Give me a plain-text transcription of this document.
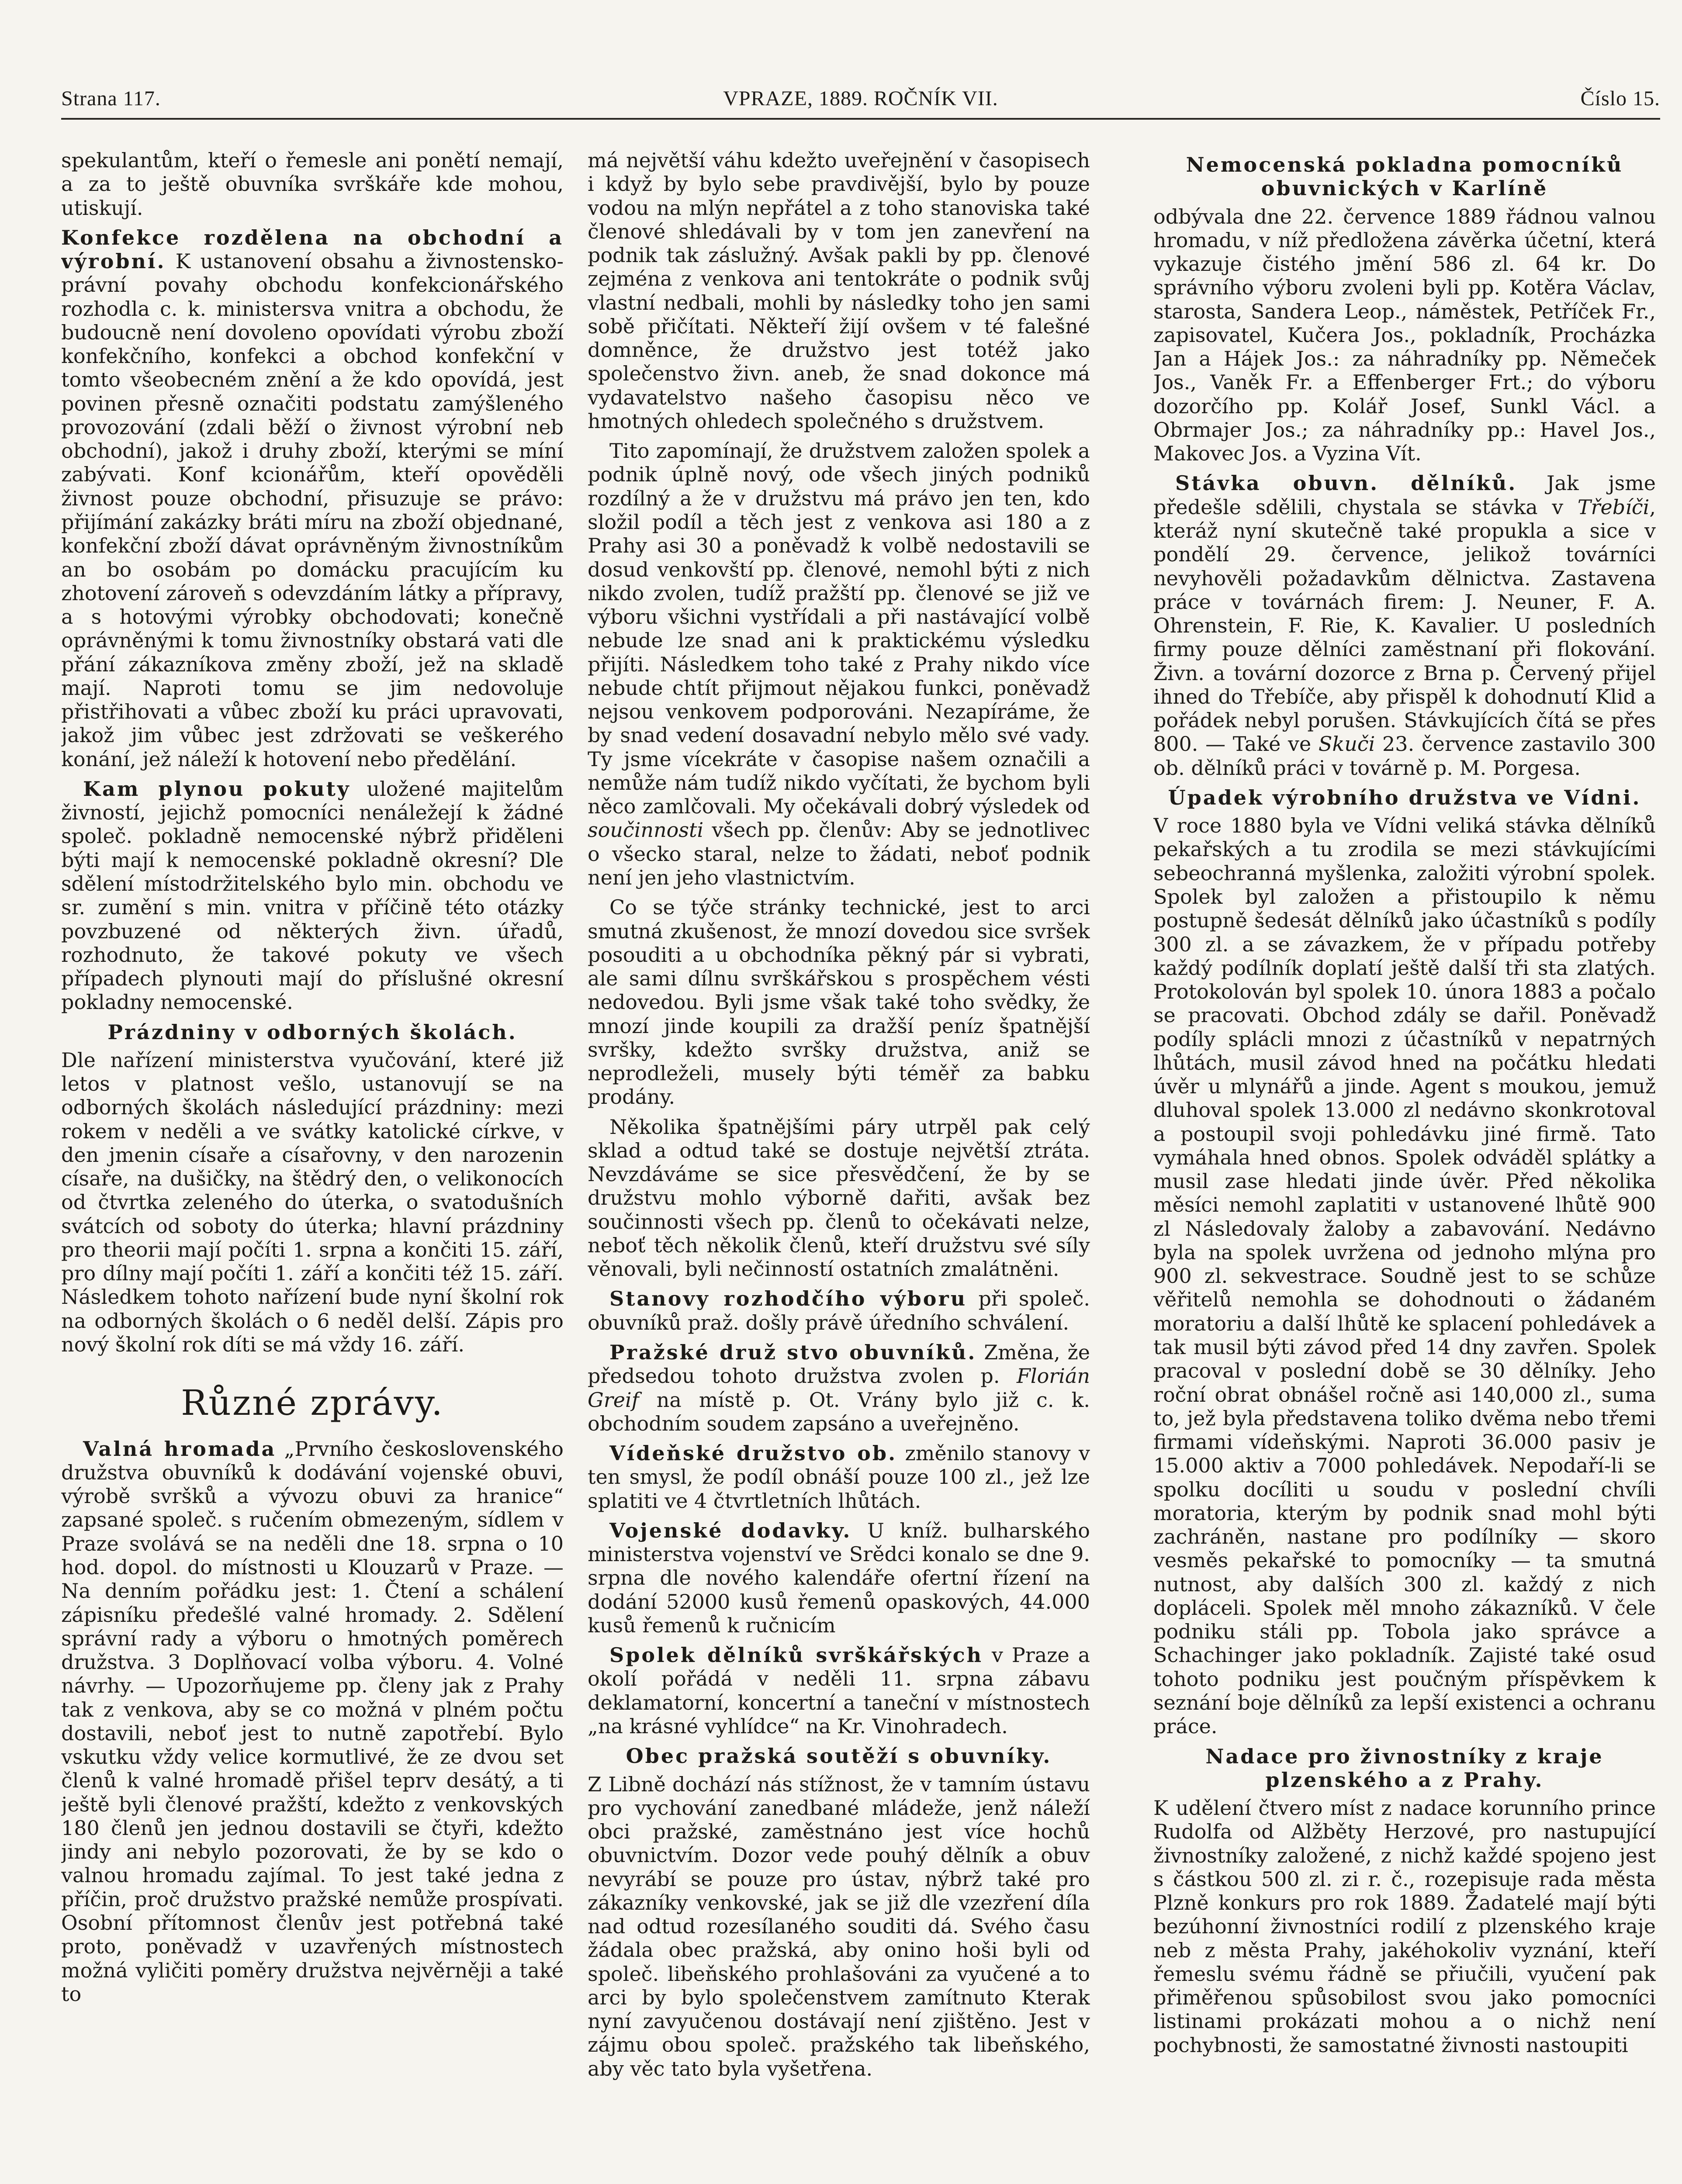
Strana 117.	VPRAZE, 1889. ROČNÍK VII.	Číslo 15.

spekulantům, kteří o řemesle ani ponětí nemají, a za to ještě obuvníka svrškáře kde mohou, utiskují.

Konfekce rozdělena na obchodní a výrobní. K ustanovení obsahu a živnostensko- právní povahy obchodu konfekcionářského rozhodla c. k. ministersva vnitra a obchodu, že budoucně není dovoleno opovídati výrobu zboží konfekčního, konfekci a obchod konfekční v tomto všeobecném znění a že kdo opovídá, jest povinen přesně označiti podstatu zamýšleného provozování (zdali běží o živnost výrobní neb obchodní), jakož i druhy zboží, kterými se míní zabývati. Konf kcionářům, kteří opověděli živnost pouze obchodní, přisuzuje se právo: přijímání zakázky bráti míru na zboží objednané, konfekční zboží dávat oprávněným živnostníkům an bo osobám po domácku pracujícím ku zhotovení zároveň s odevzdáním látky a přípravy, a s hotovými výrobky obchodovati; konečně oprávněnými k tomu živnostníky obstará vati dle přání zákazníkova změny zboží, jež na skladě mají. Naproti tomu se jim nedovoluje přistřihovati a vůbec zboží ku práci upravovati, jakož jim vůbec jest zdržovati se veškerého konání, jež náleží k hotovení nebo předělání.

Kam plynou pokuty uložené majitelům živností, jejichž pomocníci nenáležejí k žádné společ. pokladně nemocenské nýbrž přiděleni býti mají k nemocenské pokladně okresní? Dle sdělení místodržitelského bylo min. obchodu ve sr. zumění s min. vnitra v příčině této otázky povzbuzené od některých živn. úřadů, rozhodnuto, že takové pokuty ve všech případech plynouti mají do příslušné okresní pokladny nemocenské.

Prázdniny v odborných školách.

Dle nařízení ministerstva vyučování, které již letos v platnost vešlo, ustanovují se na odborných školách následující prázdniny: mezi rokem v neděli a ve svátky katolické církve, v den jmenin císaře a císařovny, v den narozenin císaře, na dušičky, na štědrý den, o velikonocích od čtvrtka zeleného do úterka, o svatodušních svátcích od soboty do úterka; hlavní prázdniny pro theorii mají počíti 1. srpna a končiti 15. září, pro dílny mají počíti 1. září a končiti též 15. září. Následkem tohoto nařízení bude nyní školní rok na odborných školách o 6 neděl delší. Zápis pro nový školní rok díti se má vždy 16. září.

Různé zprávy.

Valná hromada „Prvního československého družstva obuvníků k dodávání vojenské obuvi, výrobě svršků a vývozu obuvi za hranice“ zapsané společ. s ručením obmezeným, sídlem v Praze svolává se na neděli dne 18. srpna o 10 hod. dopol. do místnosti u Klouzarů v Praze. — Na denním pořádku jest: 1. Čtení a schálení zápisníku předešlé valné hromady. 2. Sdělení správní rady a výboru o hmotných poměrech družstva. 3 Doplňovací volba výboru. 4. Volné návrhy. — Upozorňujeme pp. členy jak z Prahy tak z venkova, aby se co možná v plném počtu dostavili, neboť jest to nutně zapotřebí. Bylo vskutku vždy velice kormutlivé, že ze dvou set členů k valné hromadě přišel teprv desátý, a ti ještě byli členové pražští, kdežto z venkovských 180 členů jen jednou dostavili se čtyři, kdežto jindy ani nebylo pozorovati, že by se kdo o valnou hromadu zajímal. To jest také jedna z příčin, proč družstvo pražské nemůže prospívati. Osobní přítomnost členův jest potřebná také proto, poněvadž v uzavřených místnostech možná vyličiti poměry družstva nejvěrněji a také to

má největší váhu kdežto uveřejnění v časopisech i když by bylo sebe pravdivější, bylo by pouze vodou na mlýn nepřátel a z toho stanoviska také členové shledávali by v tom jen zanevření na podnik tak záslužný. Avšak pakli by pp. členové zejména z venkova ani tentokráte o podnik svůj vlastní nedbali, mohli by následky toho jen sami sobě přičítati. Někteří žijí ovšem v té falešné domněnce, že družstvo jest totéž jako společenstvo živn. aneb, že snad dokonce má vydavatelstvo našeho časopisu něco ve hmotných ohledech společného s družstvem.

Tito zapomínají, že družstvem založen spolek a podnik úplně nový, ode všech jiných podniků rozdílný a že v družstvu má právo jen ten, kdo složil podíl a těch jest z venkova asi 180 a z Prahy asi 30 a poněvadž k volbě nedostavili se dosud venkovští pp. členové, nemohl býti z nich nikdo zvolen, tudíž pražští pp. členové se již ve výboru všichni vystřídali a při nastávající volbě nebude lze snad ani k praktickému výsledku přijíti. Následkem toho také z Prahy nikdo více nebude chtít přijmout nějakou funkci, poněvadž nejsou venkovem podporováni. Nezapíráme, že by snad vedení dosavadní nebylo mělo své vady. Ty jsme vícekráte v časopise našem označili a nemůže nám tudíž nikdo vyčítati, že bychom byli něco zamlčovali. My očekávali dobrý výsledek od součinnosti všech pp. členův: Aby se jednotlivec o všecko staral, nelze to žádati, neboť podnik není jen jeho vlastnictvím.

Co se týče stránky technické, jest to arci smutná zkušenost, že mnozí dovedou sice svršek posouditi a u obchodníka pěkný pár si vybrati, ale sami dílnu svrškářskou s prospěchem vésti nedovedou. Byli jsme však také toho svědky, že mnozí jinde koupili za dražší peníz špatnější svršky, kdežto svršky družstva, aniž se neprodleželi, musely býti téměř za babku prodány.

Několika špatnějšími páry utrpěl pak celý sklad a odtud také se dostuje největší ztráta. Nevzdáváme se sice přesvědčení, že by se družstvu mohlo výborně dařiti, avšak bez součinnosti všech pp. členů to očekávati nelze, neboť těch několik členů, kteří družstvu své síly věnovali, byli nečinností ostatních zmalátněni.

Stanovy rozhodčího výboru při společ. obuvníků praž. došly právě úředního schválení.

Pražské druž stvo obuvníků. Změna, že předsedou tohoto družstva zvolen p. Florián Greif na místě p. Ot. Vrány bylo již c. k. obchodním soudem zapsáno a uveřejněno.

Vídeňské družstvo ob. změnilo stanovy v ten smysl, že podíl obnáší pouze 100 zl., jež lze splatiti ve 4 čtvrtletních lhůtách.

Vojenské dodavky. U kníž. bulharského ministerstva vojenství ve Srědci konalo se dne 9. srpna dle nového kalendáře ofertní řízení na dodání 52000 kusů řemenů opaskových, 44.000 kusů řemenů k ručnicím

Spolek dělníků svrškářských v Praze a okolí pořádá v neděli 11. srpna zábavu deklamatorní, koncertní a taneční v místnostech „na krásné vyhlídce“ na Kr. Vinohradech.

Obec pražská soutěží s obuvníky.

Z Libně dochází nás stížnost, že v tamním ústavu pro vychování zanedbané mládeže, jenž náleží obci pražské, zaměstnáno jest více hochů obuvnictvím. Dozor vede pouhý dělník a obuv nevyrábí se pouze pro ústav, nýbrž také pro zákazníky venkovské, jak se již dle vzezření díla nad odtud rozesílaného souditi dá. Svého času žádala obec pražská, aby onino hoši byli od společ. libeňského prohlašováni za vyučené a to arci by bylo společenstvem zamítnuto Kterak nyní zavyučenou dostávají není zjištěno. Jest v zájmu obou společ. pražského tak libeňského, aby věc tato byla vyšetřena.

Nemocenská pokladna pomocníků obuvnických v Karlíně

odbývala dne 22. července 1889 řádnou valnou hromadu, v níž předložena závěrka účetní, která vykazuje čistého jmění 586 zl. 64 kr. Do správního výboru zvoleni byli pp. Kotěra Václav, starosta, Sandera Leop., náměstek, Petříček Fr., zapisovatel, Kučera Jos., pokladník, Procházka Jan a Hájek Jos.: za náhradníky pp. Němeček Jos., Vaněk Fr. a Effenberger Frt.; do výboru dozorčího pp. Kolář Josef, Sunkl Václ. a Obrmajer Jos.; za náhradníky pp.: Havel Jos., Makovec Jos. a Vyzina Vít.

Stávka obuvn. dělníků. Jak jsme předešle sdělili, chystala se stávka v Třebíči, kteráž nyní skutečně také propukla a sice v pondělí 29. července, jelikož továrníci nevyhověli požadavkům dělnictva. Zastavena práce v továrnách firem: J. Neuner, F. A. Ohrenstein, F. Rie, K. Kavalier. U posledních firmy pouze dělníci zaměstnaní při flokování. Živn. a tovární dozorce z Brna p. Červený přijel ihned do Třebíče, aby přispěl k dohodnutí Klid a pořádek nebyl porušen. Stávkujících čítá se přes 800. — Také ve Skuči 23. července zastavilo 300 ob. dělníků práci v továrně p. M. Porgesa.

Úpadek výrobního družstva ve Vídni.

V roce 1880 byla ve Vídni veliká stávka dělníků pekařských a tu zrodila se mezi stávkujícími sebeochranná myšlenka, založiti výrobní spolek. Spolek byl založen a přistoupilo k němu postupně šedesát dělníků jako účastníků s podíly 300 zl. a se závazkem, že v případu potřeby každý podílník doplatí ještě další tři sta zlatých. Protokolován byl spolek 10. února 1883 a počalo se pracovati. Obchod zdály se dařil. Poněvadž podíly splácli mnozi z účastníků v nepatrných lhůtách, musil závod hned na počátku hledati úvěr u mlynářů a jinde. Agent s moukou, jemuž dluhoval spolek 13.000 zl nedávno skonkrotoval a postoupil svoji pohledávku jiné firmě. Tato vymáhala hned obnos. Spolek odváděl splátky a musil zase hledati jinde úvěr. Před několika měsíci nemohl zaplatiti v ustanovené lhůtě 900 zl Následovaly žaloby a zabavování. Nedávno byla na spolek uvržena od jednoho mlýna pro 900 zl. sekvestrace. Soudně jest to se schůze věřitelů nemohla se dohodnouti o žádaném moratoriu a další lhůtě ke splacení pohledávek a tak musil býti závod před 14 dny zavřen. Spolek pracoval v poslední době se 30 dělníky. Jeho roční obrat obnášel ročně asi 140,000 zl., suma to, jež byla představena toliko dvěma nebo třemi firmami vídeňskými. Naproti 36.000 pasiv je 15.000 aktiv a 7000 pohledávek. Nepodaří-li se spolku docíliti u soudu v poslední chvíli moratoria, kterým by podnik snad mohl býti zachráněn, nastane pro podílníky — skoro vesměs pekařské to pomocníky — ta smutná nutnost, aby dalších 300 zl. každý z nich dopláceli. Spolek měl mnoho zákazníků. V čele podniku stáli pp. Tobola jako správce a Schachinger jako pokladník. Zajisté také osud tohoto podniku jest poučným příspěvkem k seznání boje dělníků za lepší existenci a ochranu práce.

Nadace pro živnostníky z kraje plzenského a z Prahy.

K udělení čtvero míst z nadace korunního prince Rudolfa od Alžběty Herzové, pro nastupující živnostníky založené, z nichž každé spojeno jest s částkou 500 zl. zi r. č., rozepisuje rada města Plzně konkurs pro rok 1889. Žadatelé mají býti bezúhonní živnostníci rodilí z plzenského kraje neb z města Prahy, jakéhokoliv vyznání, kteří řemeslu svému řádně se přiučili, vyučení pak přiměřenou spůsobilost svou jako pomocníci listinami prokázati mohou a o nichž není pochybnosti, že samostatné živnosti nastoupiti
